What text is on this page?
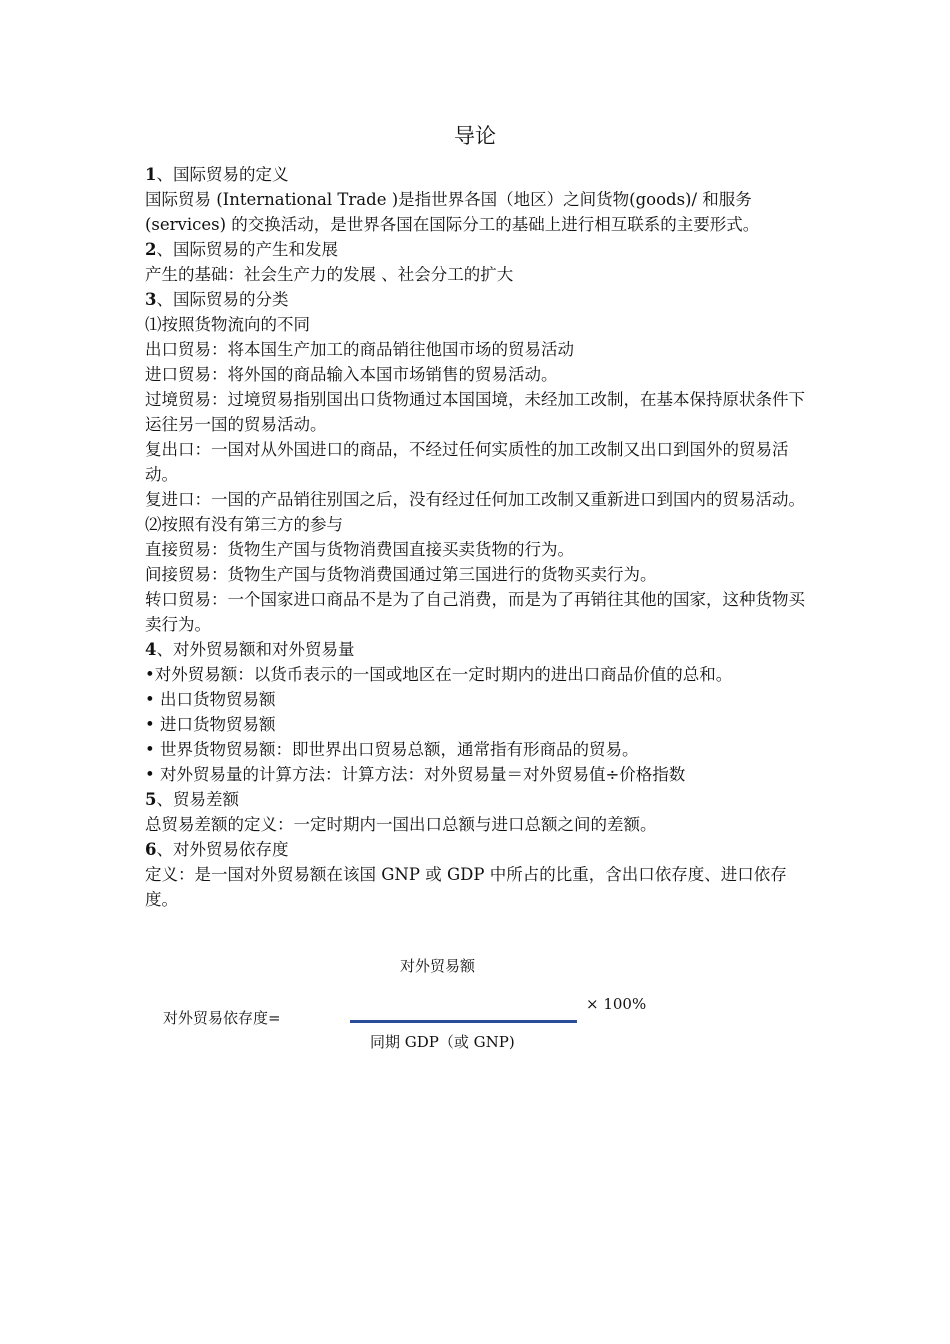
导论
1、国际贸易的定义
国际贸易 (International Trade )是指世界各国（地区）之间货物(goods)/ 和服务(services) 的交换活动，是世界各国在国际分工的基础上进行相互联系的主要形式。
2、国际贸易的产生和发展
产生的基础：社会生产力的发展 、社会分工的扩大
3、国际贸易的分类
⑴按照货物流向的不同
出口贸易：将本国生产加工的商品销往他国市场的贸易活动
进口贸易：将外国的商品输入本国市场销售的贸易活动。
过境贸易：过境贸易指别国出口货物通过本国国境，未经加工改制，在基本保持原状条件下运往另一国的贸易活动。
复出口：一国对从外国进口的商品，不经过任何实质性的加工改制又出口到国外的贸易活动。
复进口：一国的产品销往别国之后，没有经过任何加工改制又重新进口到国内的贸易活动。
⑵按照有没有第三方的参与
直接贸易：货物生产国与货物消费国直接买卖货物的行为。
间接贸易：货物生产国与货物消费国通过第三国进行的货物买卖行为。
转口贸易：一个国家进口商品不是为了自己消费，而是为了再销往其他的国家，这种货物买卖行为。
4、对外贸易额和对外贸易量
•对外贸易额：以货币表示的一国或地区在一定时期内的进出口商品价值的总和。
• 出口货物贸易额
• 进口货物贸易额
• 世界货物贸易额：即世界出口贸易总额，通常指有形商品的贸易。
• 对外贸易量的计算方法：计算方法：对外贸易量＝对外贸易值÷价格指数
5、贸易差额
总贸易差额的定义：一定时期内一国出口总额与进口总额之间的差额。
6、对外贸易依存度
定义：是一国对外贸易额在该国 GNP 或 GDP 中所占的比重，含出口依存度、进口依存度。
对外贸易额
对外贸易依存度=
× 100%
同期 GDP（或 GNP)
